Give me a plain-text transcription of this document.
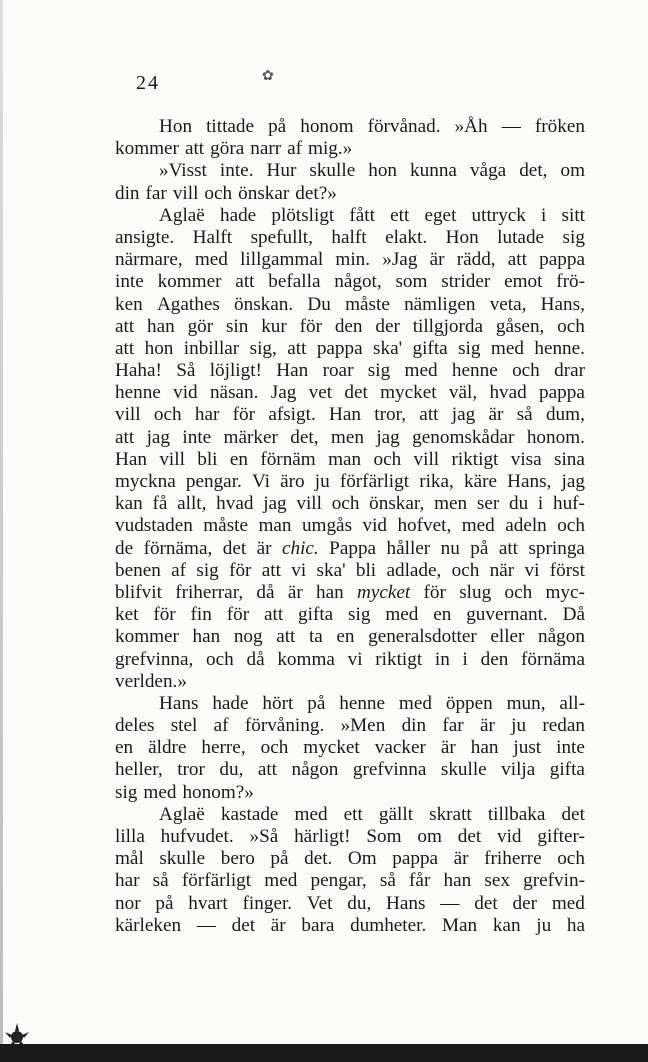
24	✿
Hon tittade på honom förvånad. »Åh — fröken
kommer att göra narr af mig.»
»Visst inte. Hur skulle hon kunna våga det, om
din far vill och önskar det?»
Aglaë hade plötsligt fått ett eget uttryck i sitt
ansigte. Halft spefullt, halft elakt. Hon lutade sig
närmare, med lillgammal min. »Jag är rädd, att pappa
inte kommer att befalla något, som strider emot frö-
ken Agathes önskan. Du måste nämligen veta, Hans,
att han gör sin kur för den der tillgjorda gåsen, och
att hon inbillar sig, att pappa ska' gifta sig med henne.
Haha! Så löjligt! Han roar sig med henne och drar
henne vid näsan. Jag vet det mycket väl, hvad pappa
vill och har för afsigt. Han tror, att jag är så dum,
att jag inte märker det, men jag genomskådar honom.
Han vill bli en förnäm man och vill riktigt visa sina
myckna pengar. Vi äro ju förfärligt rika, käre Hans, jag
kan få allt, hvad jag vill och önskar, men ser du i huf-
vudstaden måste man umgås vid hofvet, med adeln och
de förnäma, det är chic. Pappa håller nu på att springa
benen af sig för att vi ska' bli adlade, och när vi först
blifvit friherrar, då är han mycket för slug och myc-
ket för fin för att gifta sig med en guvernant. Då
kommer han nog att ta en generalsdotter eller någon
grefvinna, och då komma vi riktigt in i den förnäma
verlden.»
Hans hade hört på henne med öppen mun, all-
deles stel af förvåning. »Men din far är ju redan
en äldre herre, och mycket vacker är han just inte
heller, tror du, att någon grefvinna skulle vilja gifta
sig med honom?»
Aglaë kastade med ett gällt skratt tillbaka det
lilla hufvudet. »Så härligt! Som om det vid gifter-
mål skulle bero på det. Om pappa är friherre och
har så förfärligt med pengar, så får han sex grefvin-
nor på hvart finger. Vet du, Hans — det der med
kärleken — det är bara dumheter. Man kan ju ha
